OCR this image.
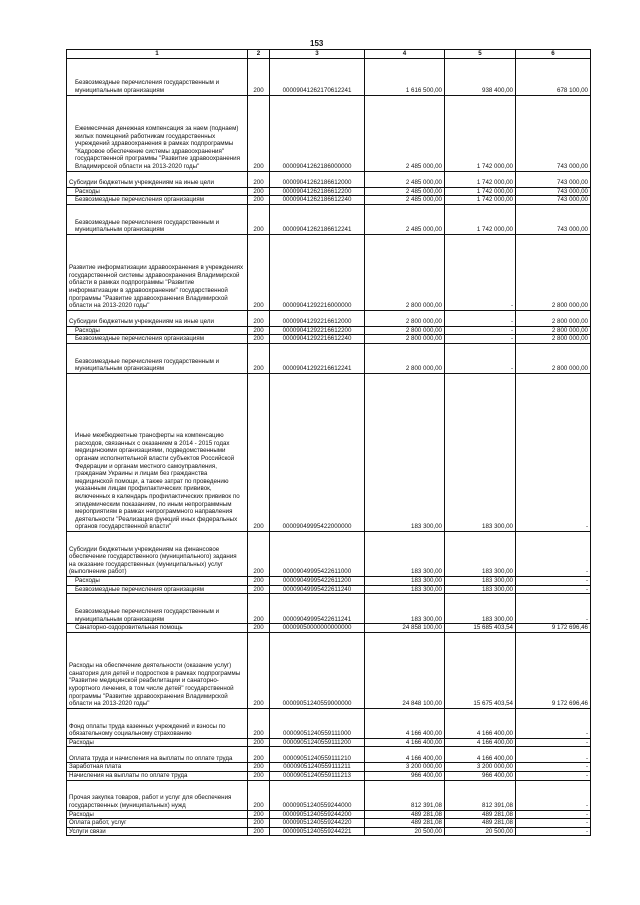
153
1	2	3	4	5	6
Безвозмездные перечисления государственным и муниципальным организациям	200	00009041262170612241	1 616 500,00	938 400,00	678 100,00
Ежемесячная денежная компенсация за наем (поднаем) жилых помещений работникам государственных учреждений здравоохранения в рамках подпрограммы "Кадровое обеспечение системы здравоохранения" государственной программы "Развитие здравоохранения Владимирской области на 2013-2020 годы"	200	00009041262186000000	2 485 000,00	1 742 000,00	743 000,00
Субсидии бюджетным учреждениям на иные цели	200	00009041262186612000	2 485 000,00	1 742 000,00	743 000,00
Расходы	200	00009041262186612200	2 485 000,00	1 742 000,00	743 000,00
Безвозмездные перечисления организациям	200	00009041262186612240	2 485 000,00	1 742 000,00	743 000,00
Безвозмездные перечисления государственным и муниципальным организациям	200	00009041262186612241	2 485 000,00	1 742 000,00	743 000,00
Развитие информатизации здравоохранения в учреждениях государственной системы здравоохранения Владимирской области в рамках подпрограммы "Развитие информатизации в здравоохранении" государственной программы "Развитие здравоохранения Владимирской области на 2013-2020 годы"	200	00009041292216000000	2 800 000,00	-	2 800 000,00
Субсидии бюджетным учреждениям на иные цели	200	00009041292216612000	2 800 000,00	-	2 800 000,00
Расходы	200	00009041292216612200	2 800 000,00	-	2 800 000,00
Безвозмездные перечисления организациям	200	00009041292216612240	2 800 000,00	-	2 800 000,00
Безвозмездные перечисления государственным и муниципальным организациям	200	00009041292216612241	2 800 000,00	-	2 800 000,00
Иные межбюджетные трансферты на компенсацию расходов, связанных с оказанием в 2014 - 2015 годах медицинскими организациями, подведомственными органам исполнительной власти субъектов Российской Федерации и органам местного самоуправления, гражданам Украины и лицам без гражданства медицинской помощи, а также затрат по проведению указанным лицам профилактических прививок, включенных в календарь профилактических прививок по эпидемическим показаниям, по иным непрограммным мероприятиям в рамках непрограммного направления деятельности "Реализация функций иных федеральных органов государственной власти"	200	00009049995422000000	183 300,00	183 300,00	-
Субсидии бюджетным учреждениям на финансовое обеспечение государственного (муниципального) задания на оказание государственных (муниципальных) услуг (выполнение работ)	200	00009049995422611000	183 300,00	183 300,00	-
Расходы	200	00009049995422611200	183 300,00	183 300,00	-
Безвозмездные перечисления организациям	200	00009049995422611240	183 300,00	183 300,00	-
Безвозмездные перечисления государственным и муниципальным организациям	200	00009049995422611241	183 300,00	183 300,00	-
Санаторно-оздоровительная помощь	200	00009050000000000000	24 858 100,00	15 685 403,54	9 172 696,46
Расходы на обеспечение деятельности (оказание услуг) санатория для детей и подростков в рамках подпрограммы "Развитие медицинской реабилитации и санаторно-курортного лечения, в том числе детей" государственной программы "Развитие здравоохранения Владимирской области на 2013-2020 годы"	200	00009051240559000000	24 848 100,00	15 675 403,54	9 172 696,46
Фонд оплаты труда казенных учреждений и взносы по обязательному социальному страхованию	200	00009051240559111000	4 166 400,00	4 166 400,00	-
Расходы	200	00009051240559111200	4 166 400,00	4 166 400,00	-
Оплата труда и начисления на выплаты по оплате труда	200	00009051240559111210	4 166 400,00	4 166 400,00	-
Заработная плата	200	00009051240559111211	3 200 000,00	3 200 000,00	-
Начисления на выплаты по оплате труда	200	00009051240559111213	966 400,00	966 400,00	-
Прочая закупка товаров, работ и услуг для обеспечения государственных (муниципальных) нужд	200	00009051240559244000	812 391,08	812 391,08	-
Расходы	200	00009051240559244200	489 281,08	489 281,08	-
Оплата работ, услуг	200	00009051240559244220	489 281,08	489 281,08	-
Услуги связи	200	00009051240559244221	20 500,00	20 500,00	-
